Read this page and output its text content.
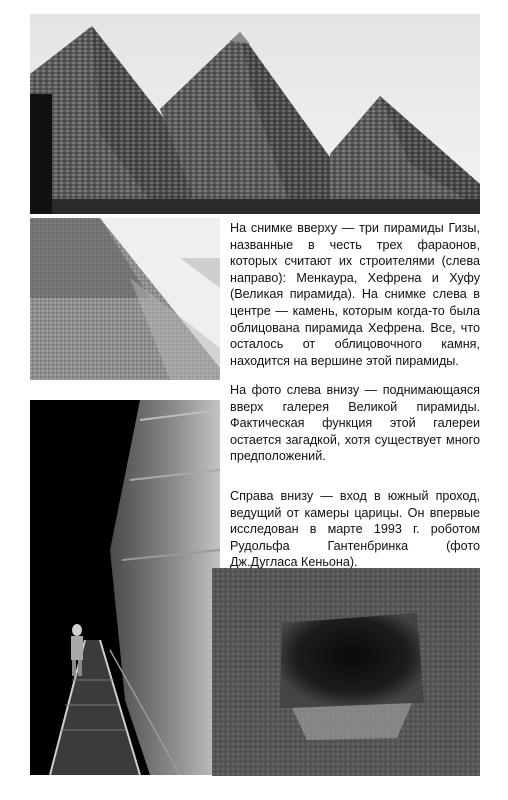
На снимке вверху — три пирамиды Гизы, названные в честь трех фараонов, которых считают их строителями (слева направо): Менкаура, Хефрена и Хуфу (Великая пирамида). На снимке слева в центре — камень, которым когда-то была облицована пирамида Хефрена. Все, что осталось от облицовочного камня, находится на вершине этой пирамиды.

На фото слева внизу — поднимающаяся вверх галерея Великой пирамиды. Фактическая функция этой галереи остается загадкой, хотя существует много предположений.

Справа внизу — вход в южный проход, ведущий от камеры царицы. Он впервые исследован в марте 1993 г. роботом Рудольфа Гантенбринка (фото Дж.Дугласа Кеньона).
